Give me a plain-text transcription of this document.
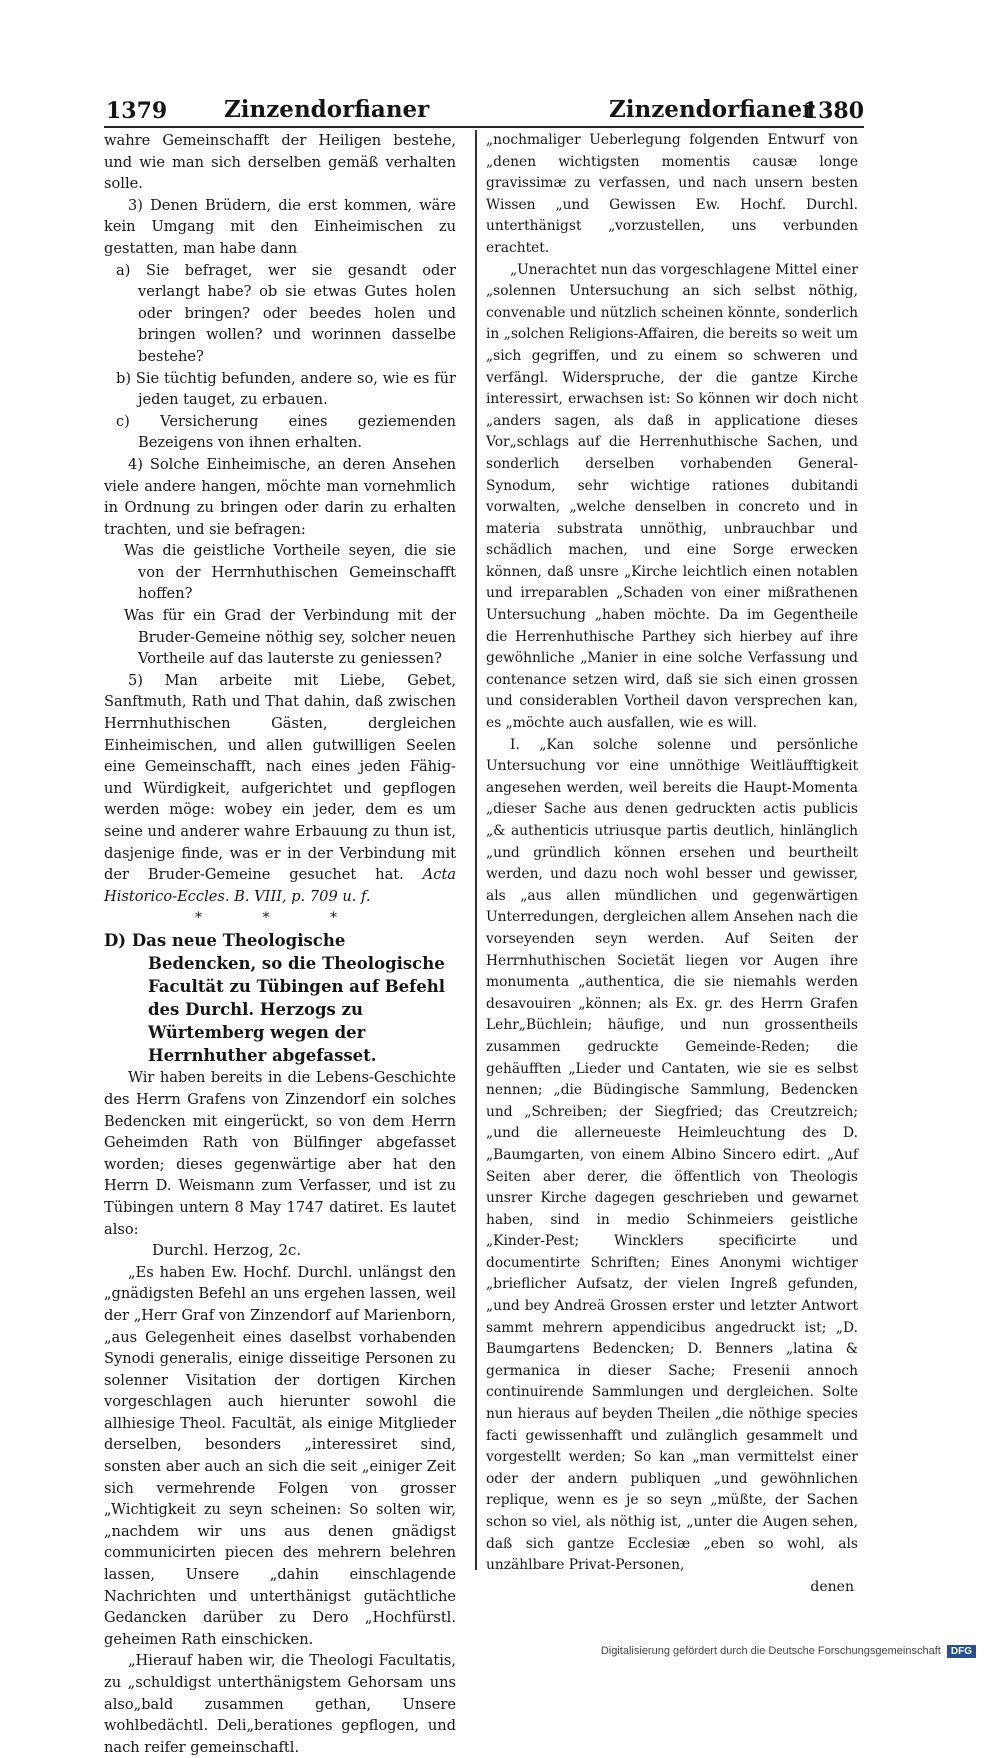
1379 Zinzendorfianer	Zinzendorfianer
1380

wahre Gemeinschafft der Heiligen bestehe, und wie man sich derselben gemäß verhalten solle.

3) Denen Brüdern, die erst kommen, wäre kein Umgang mit den Einheimischen zu gestatten, man habe dann

a) Sie befraget, wer sie gesandt oder verlangt habe? ob sie etwas Gutes holen oder bringen? oder beedes holen und bringen wollen? und worinnen dasselbe bestehe?

b) Sie tüchtig befunden, andere so, wie es für jeden tauget, zu erbauen.

c) Versicherung eines geziemenden Bezeigens von ihnen erhalten.

4) Solche Einheimische, an deren Ansehen viele andere hangen, möchte man vornehmlich in Ordnung zu bringen oder darin zu erhalten trachten, und sie befragen:

Was die geistliche Vortheile seyen, die sie von der Herrnhuthischen Gemeinschafft hoffen?

Was für ein Grad der Verbindung mit der Bruder-Gemeine nöthig sey, solcher neuen Vortheile auf das lauterste zu geniessen?

5) Man arbeite mit Liebe, Gebet, Sanftmuth, Rath und That dahin, daß zwischen Herrnhuthischen Gästen, dergleichen Einheimischen, und allen gutwilligen Seelen eine Gemeinschafft, nach eines jeden Fähig- und Würdigkeit, aufgerichtet und gepflogen werden möge: wobey ein jeder, dem es um seine und anderer wahre Erbauung zu thun ist, dasjenige finde, was er in der Verbindung mit der Bruder-Gemeine gesuchet hat. Acta Historico-Eccles. B. VIII, p. 709 u. f.

* * *

D) Das neue Theologische Bedencken, so die Theologische Facultät zu Tübingen auf Befehl des Durchl. Herzogs zu Würtemberg wegen der Herrnhuther abgefasset.

Wir haben bereits in die Lebens-Geschichte des Herrn Grafens von Zinzendorf ein solches Bedencken mit eingerückt, so von dem Herrn Geheimden Rath von Bülfinger abgefasset worden; dieses gegenwärtige aber hat den Herrn D. Weismann zum Verfasser, und ist zu Tübingen untern 8 May 1747 datiret. Es lautet also:

Durchl. Herzog, 2c.

„Es haben Ew. Hochf. Durchl. unlängst den „gnädigsten Befehl an uns ergehen lassen, weil der „Herr Graf von Zinzendorf auf Marienborn, „aus Gelegenheit eines daselbst vorhabenden Synodi generalis, einige disseitige Personen zu solenner Visitation der dortigen Kirchen vorgeschlagen auch hierunter sowohl die allhiesige Theol. Facultät, als einige Mitglieder derselben, besonders „interessiret sind, sonsten aber auch an sich die seit „einiger Zeit sich vermehrende Folgen von grosser „Wichtigkeit zu seyn scheinen: So solten wir, „nachdem wir uns aus denen gnädigst communicirten piecen des mehrern belehren lassen, Unsere „dahin einschlagende Nachrichten und unterthänigst gutächtliche Gedancken darüber zu Dero „Hochfürstl. geheimen Rath einschicken.

„Hierauf haben wir, die Theologi Facultatis, zu „schuldigst unterthänigstem Gehorsam uns also„bald zusammen gethan, Unsere wohlbedächtl. Deli„berationes gepflogen, und nach reifer gemeinschaftl.

„nochmaliger Ueberlegung folgenden Entwurf von „denen wichtigsten momentis causæ longe gravissimæ zu verfassen, und nach unsern besten Wissen „und Gewissen Ew. Hochf. Durchl. unterthänigst „vorzustellen, uns verbunden erachtet.

„Unerachtet nun das vorgeschlagene Mittel einer „solennen Untersuchung an sich selbst nöthig, convenable und nützlich scheinen könnte, sonderlich in „solchen Religions-Affairen, die bereits so weit um „sich gegriffen, und zu einem so schweren und verfängl. Widerspruche, der die gantze Kirche interessirt, erwachsen ist: So können wir doch nicht „anders sagen, als daß in applicatione dieses Vor„schlags auf die Herrenhuthische Sachen, und sonderlich derselben vorhabenden General-Synodum, sehr wichtige rationes dubitandi vorwalten, „welche denselben in concreto und in materia substrata unnöthig, unbrauchbar und schädlich machen, und eine Sorge erwecken können, daß unsre „Kirche leichtlich einen notablen und irreparablen „Schaden von einer mißrathenen Untersuchung „haben möchte. Da im Gegentheile die Herrenhuthische Parthey sich hierbey auf ihre gewöhnliche „Manier in eine solche Verfassung und contenance setzen wird, daß sie sich einen grossen und considerablen Vortheil davon versprechen kan, es „möchte auch ausfallen, wie es will.

I. „Kan solche solenne und persönliche Untersuchung vor eine unnöthige Weitläufftigkeit angesehen werden, weil bereits die Haupt-Momenta „dieser Sache aus denen gedruckten actis publicis „& authenticis utriusque partis deutlich, hinlänglich „und gründlich können ersehen und beurtheilt werden, und dazu noch wohl besser und gewisser, als „aus allen mündlichen und gegenwärtigen Unterredungen, dergleichen allem Ansehen nach die vorseyenden seyn werden. Auf Seiten der Herrnhuthischen Societät liegen vor Augen ihre monumenta „authentica, die sie niemahls werden desavouiren „können; als Ex. gr. des Herrn Grafen Lehr„Büchlein; häufige, und nun grossentheils zusammen gedruckte Gemeinde-Reden; die gehäufften „Lieder und Cantaten, wie sie es selbst nennen; „die Büdingische Sammlung, Bedencken und „Schreiben; der Siegfried; das Creutzreich; „und die allerneueste Heimleuchtung des D. „Baumgarten, von einem Albino Sincero edirt. „Auf Seiten aber derer, die öffentlich von Theologis unsrer Kirche dagegen geschrieben und gewarnet haben, sind in medio Schinmeiers geistliche „Kinder-Pest; Wincklers specificirte und documentirte Schriften; Eines Anonymi wichtiger „brieflicher Aufsatz, der vielen Ingreß gefunden, „und bey Andreä Grossen erster und letzter Antwort sammt mehrern appendicibus angedruckt ist; „D. Baumgartens Bedencken; D. Benners „latina & germanica in dieser Sache; Fresenii annoch continuirende Sammlungen und dergleichen. Solte nun hieraus auf beyden Theilen „die nöthige species facti gewissenhafft und zulänglich gesammelt und vorgestellt werden; So kan „man vermittelst einer oder der andern publiquen „und gewöhnlichen replique, wenn es je so seyn „müßte, der Sachen schon so viel, als nöthig ist, „unter die Augen sehen, daß sich gantze Ecclesiæ „eben so wohl, als unzählbare Privat-Personen,

denen

Digitalisierung gefördert durch die Deutsche Forschungsgemeinschaft DFG
